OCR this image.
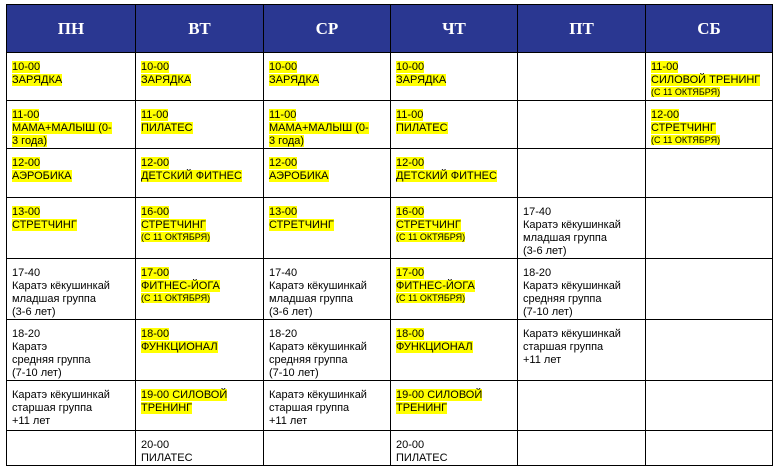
ПН	ВТ	СР	ЧТ	ПТ	СБ

10-00
ЗАРЯДКА	10-00
ЗАРЯДКА	10-00
ЗАРЯДКА	10-00
ЗАРЯДКА		11-00
СИЛОВОЙ ТРЕНИНГ
(С 11 ОКТЯБРЯ)

11-00
МАМА+МАЛЫШ (0-
3 года)	11-00
ПИЛАТЕС	11-00
МАМА+МАЛЫШ (0-
3 года)	11-00
ПИЛАТЕС		12-00
СТРЕТЧИНГ
(С 11 ОКТЯБРЯ)

12-00
АЭРОБИКА	12-00
ДЕТСКИЙ ФИТНЕС	12-00
АЭРОБИКА	12-00
ДЕТСКИЙ ФИТНЕС		

13-00
СТРЕТЧИНГ	16-00
СТРЕТЧИНГ
(С 11 ОКТЯБРЯ)	13-00
СТРЕТЧИНГ	16-00
СТРЕТЧИНГ
(С 11 ОКТЯБРЯ)	17-40
Каратэ кёкушинкай
младшая группа
(3-6 лет)	

17-40
Каратэ кёкушинкай
младшая группа
(3-6 лет)	17-00
ФИТНЕС-ЙОГА
(С 11 ОКТЯБРЯ)	17-40
Каратэ кёкушинкай
младшая группа
(3-6 лет)	17-00
ФИТНЕС-ЙОГА
(С 11 ОКТЯБРЯ)	18-20
Каратэ кёкушинкай
средняя группа
(7-10 лет)	

18-20
Каратэ
средняя группа
(7-10 лет)	18-00
ФУНКЦИОНАЛ	18-20
Каратэ кёкушинкай
средняя группа
(7-10 лет)	18-00
ФУНКЦИОНАЛ	Каратэ кёкушинкай
старшая группа
+11 лет	

Каратэ кёкушинкай
старшая группа
+11 лет	19-00 СИЛОВОЙ
ТРЕНИНГ	Каратэ кёкушинкай
старшая группа
+11 лет	19-00 СИЛОВОЙ
ТРЕНИНГ		

	20-00
ПИЛАТЕС		20-00
ПИЛАТЕС		
